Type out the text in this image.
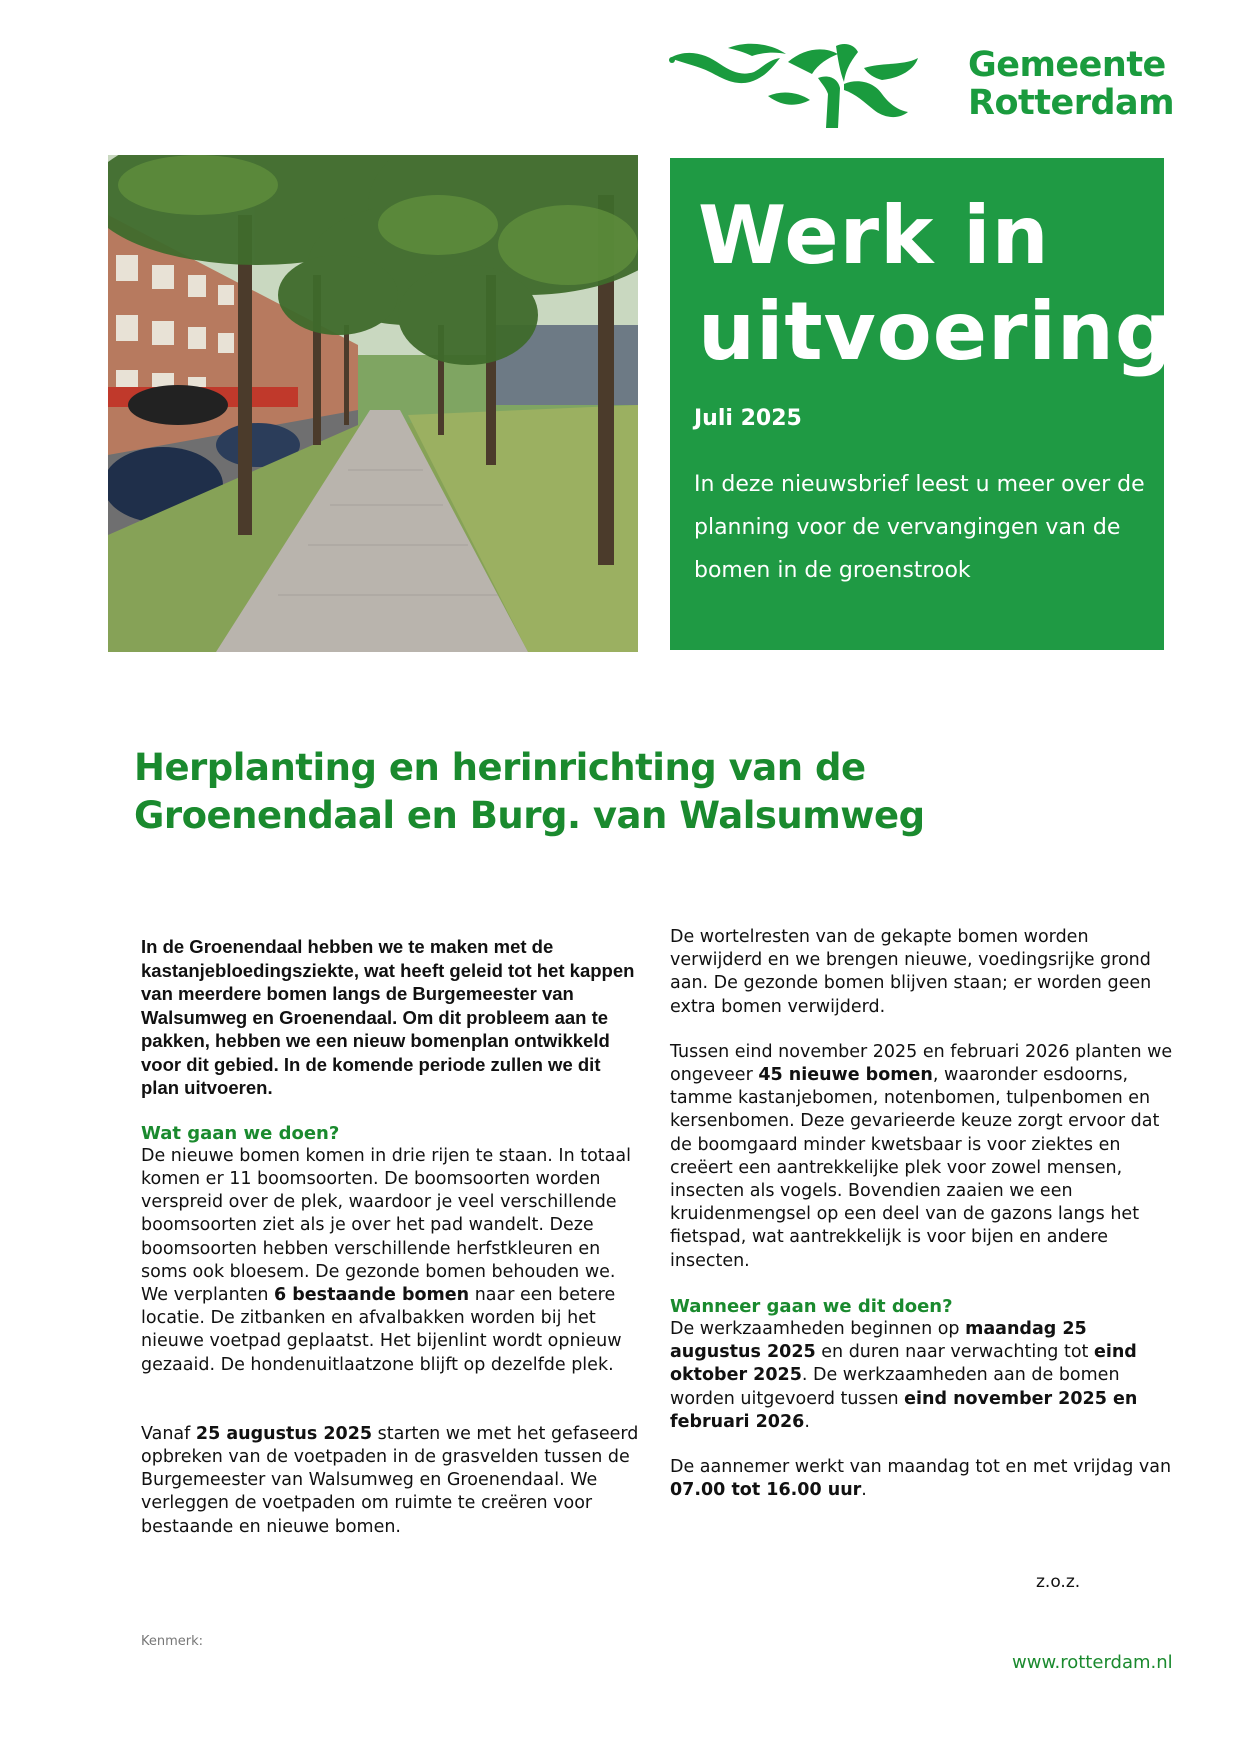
Gemeente
Rotterdam
Werk in
uitvoering
Juli 2025
In deze nieuwsbrief leest u meer over de planning voor de vervangingen van de bomen in de groenstrook
Herplanting en herinrichting van de Groenendaal en Burg. van Walsumweg

In de Groenendaal hebben we te maken met de kastanjebloedingsziekte, wat heeft geleid tot het kappen van meerdere bomen langs de Burgemeester van Walsumweg en Groenendaal. Om dit probleem aan te pakken, hebben we een nieuw bomenplan ontwikkeld voor dit gebied. In de komende periode zullen we dit plan uitvoeren.

Wat gaan we doen?

De nieuwe bomen komen in drie rijen te staan. In totaal komen er 11 boomsoorten. De boomsoorten worden verspreid over de plek, waardoor je veel verschillende boomsoorten ziet als je over het pad wandelt. Deze boomsoorten hebben verschillende herfstkleuren en soms ook bloesem. De gezonde bomen behouden we. We verplanten 6 bestaande bomen naar een betere locatie. De zitbanken en afvalbakken worden bij het nieuwe voetpad geplaatst. Het bijenlint wordt opnieuw gezaaid. De hondenuitlaatzone blijft op dezelfde plek.

Vanaf 25 augustus 2025 starten we met het gefaseerd opbreken van de voetpaden in de grasvelden tussen de Burgemeester van Walsumweg en Groenendaal. We verleggen de voetpaden om ruimte te creëren voor bestaande en nieuwe bomen.

De wortelresten van de gekapte bomen worden verwijderd en we brengen nieuwe, voedingsrijke grond aan. De gezonde bomen blijven staan; er worden geen extra bomen verwijderd.

Tussen eind november 2025 en februari 2026 planten we ongeveer 45 nieuwe bomen, waaronder esdoorns, tamme kastanjebomen, notenbomen, tulpenbomen en kersenbomen. Deze gevarieerde keuze zorgt ervoor dat de boomgaard minder kwetsbaar is voor ziektes en creëert een aantrekkelijke plek voor zowel mensen, insecten als vogels. Bovendien zaaien we een kruidenmengsel op een deel van de gazons langs het fietspad, wat aantrekkelijk is voor bijen en andere insecten.

Wanneer gaan we dit doen?

De werkzaamheden beginnen op maandag 25 augustus 2025 en duren naar verwachting tot eind oktober 2025. De werkzaamheden aan de bomen worden uitgevoerd tussen eind november 2025 en februari 2026.

De aannemer werkt van maandag tot en met vrijdag van 07.00 tot 16.00 uur.

z.o.z.
Kenmerk:
www.rotterdam.nl
